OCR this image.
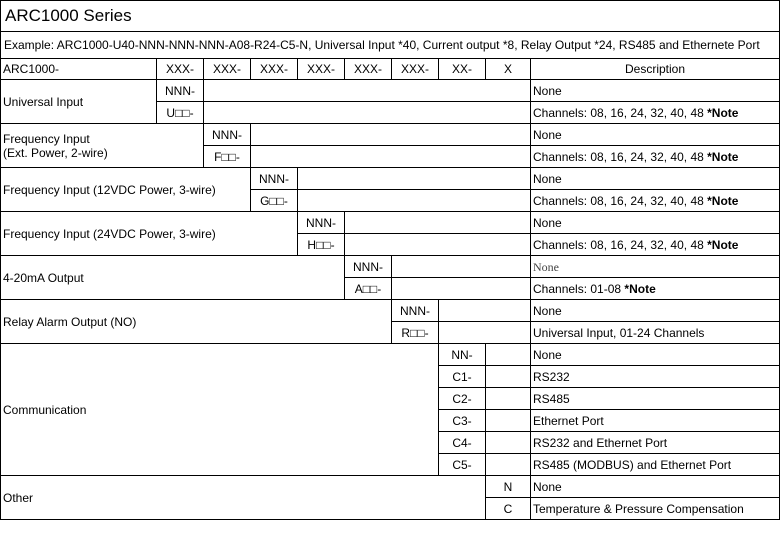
ARC1000 Series									
Example: ARC1000-U40-NNN-NNN-NNN-A08-R24-C5-N, Universal Input *40, Current output *8, Relay Output *24, RS485 and Ethernete Port									
ARC1000-	XXX-	XXX-	XXX-	XXX-	XXX-	XXX-	XX-	X	Description
Universal Input	NNN-								None
	U□□-								Channels: 08, 16, 24, 32, 40, 48 *Note

Frequency Input
(Ext. Power, 2-wire)		NNN-							None
		F□□-							Channels: 08, 16, 24, 32, 40, 48 *Note
Frequency Input (12VDC Power, 3-wire)			NNN-						None
			G□□-						Channels: 08, 16, 24, 32, 40, 48 *Note
Frequency Input (24VDC Power, 3-wire)				NNN-					None
				H□□-					Channels: 08, 16, 24, 32, 40, 48 *Note
4-20mA Output					NNN-				None
					A□□-				Channels: 01-08 *Note
Relay Alarm Output (NO)						NNN-			None
						R□□-			Universal Input, 01-24 Channels
Communication							NN-		None
							C1-		RS232
							C2-		RS485
							C3-		Ethernet Port
							C4-		RS232 and Ethernet Port
							C5-		RS485 (MODBUS) and Ethernet Port
Other								N	None
								C	Temperature & Pressure Compensation
